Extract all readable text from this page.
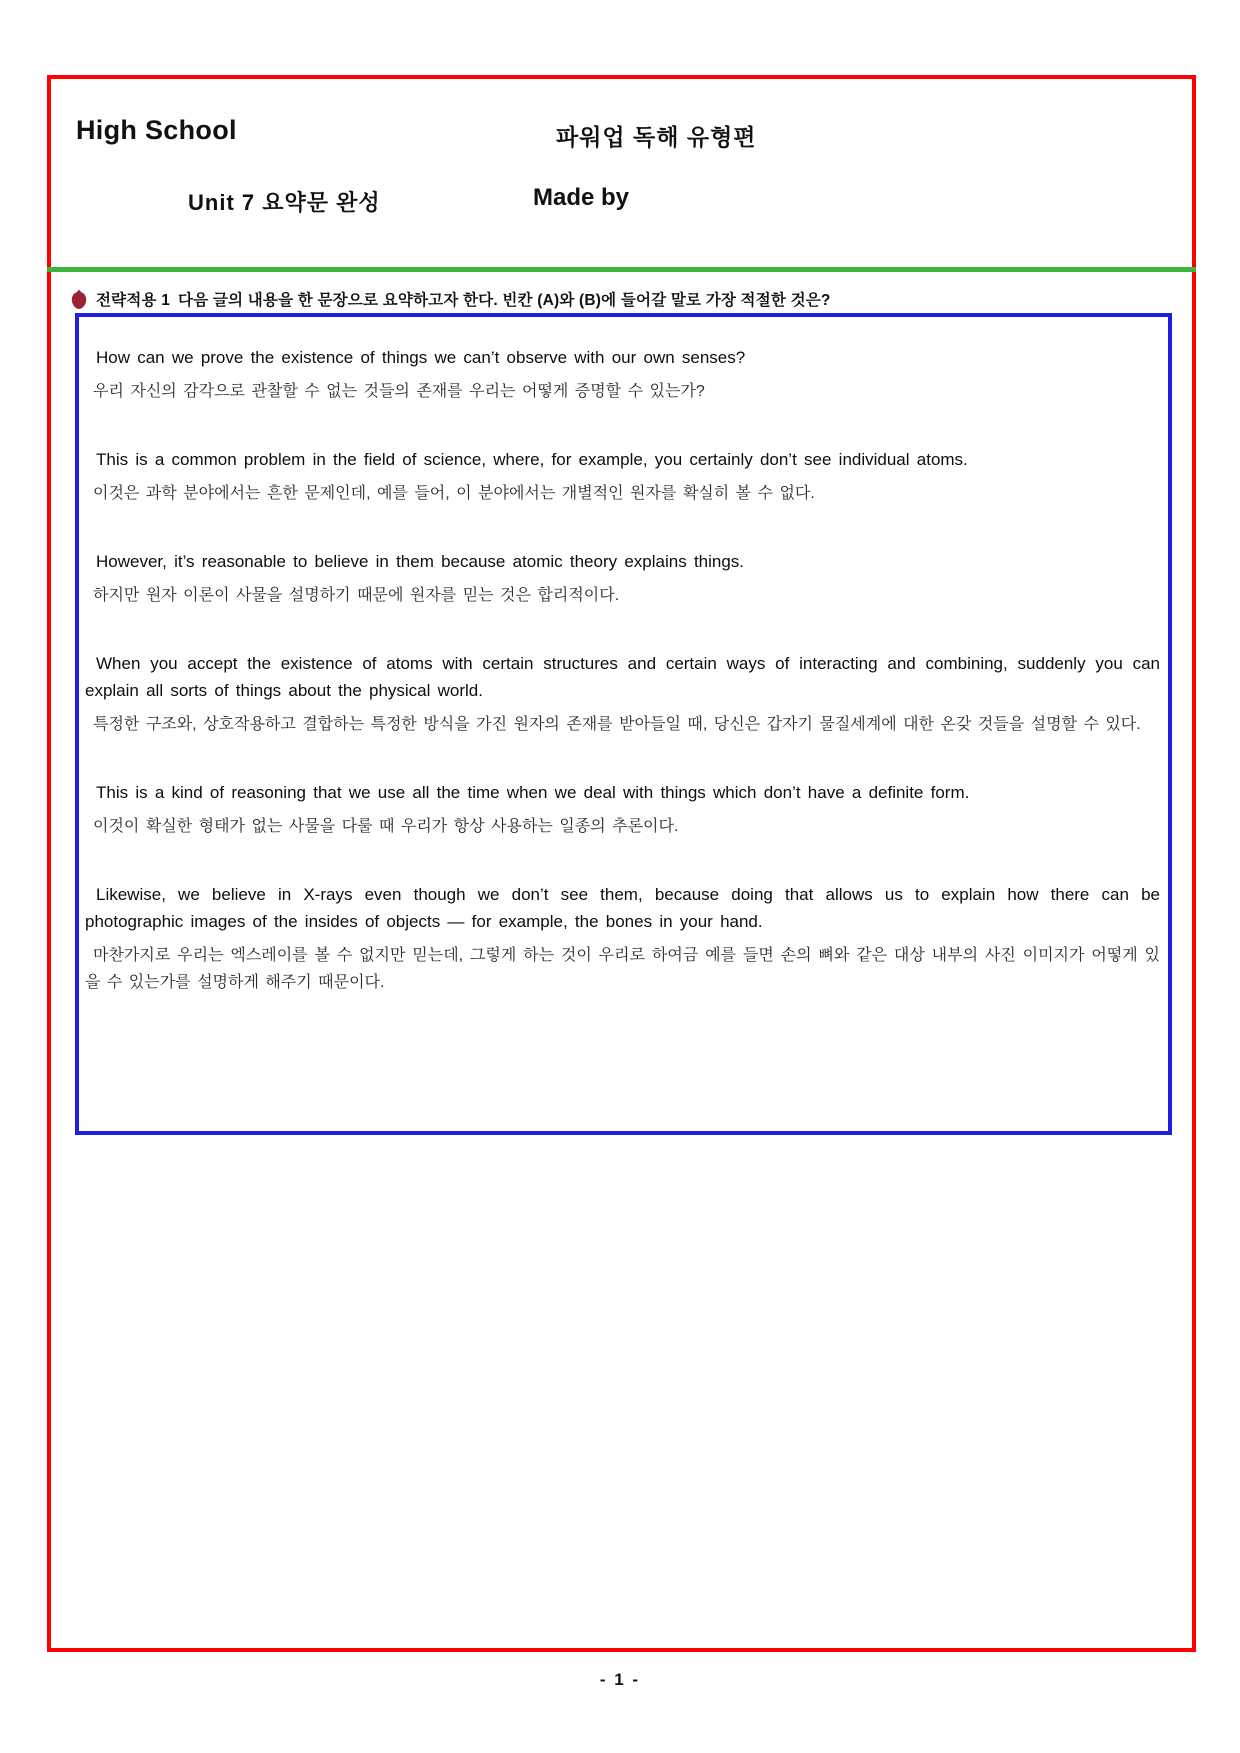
High School	파워업 독해 유형편
Unit 7 요약문 완성	Made by
전략적용 1 다음 글의 내용을 한 문장으로 요약하고자 한다. 빈칸 (A)와 (B)에 들어갈 말로 가장 적절한 것은?

How can we prove the existence of things we can’t observe with our own senses?

우리 자신의 감각으로 관찰할 수 없는 것들의 존재를 우리는 어떻게 증명할 수 있는가?

This is a common problem in the field of science, where, for example, you certainly don’t see individual atoms.

이것은 과학 분야에서는 흔한 문제인데, 예를 들어, 이 분야에서는 개별적인 원자를 확실히 볼 수 없다.

However, it’s reasonable to believe in them because atomic theory explains things.

하지만 원자 이론이 사물을 설명하기 때문에 원자를 믿는 것은 합리적이다.

When you accept the existence of atoms with certain structures and certain ways of interacting and combining, suddenly you can explain all sorts of things about the physical world.

특정한 구조와, 상호작용하고 결합하는 특정한 방식을 가진 원자의 존재를 받아들일 때, 당신은 갑자기 물질세계에 대한 온갖 것들을 설명할 수 있다.

This is a kind of reasoning that we use all the time when we deal with things which don’t have a definite form.

이것이 확실한 형태가 없는 사물을 다룰 때 우리가 항상 사용하는 일종의 추론이다.

Likewise, we believe in X-rays even though we don’t see them, because doing that allows us to explain how there can be photographic images of the insides of objects — for example, the bones in your hand.

마찬가지로 우리는 엑스레이를 볼 수 없지만 믿는데, 그렇게 하는 것이 우리로 하여금 예를 들면 손의 뼈와 같은 대상 내부의 사진 이미지가 어떻게 있을 수 있는가를 설명하게 해주기 때문이다.

- 1 -
